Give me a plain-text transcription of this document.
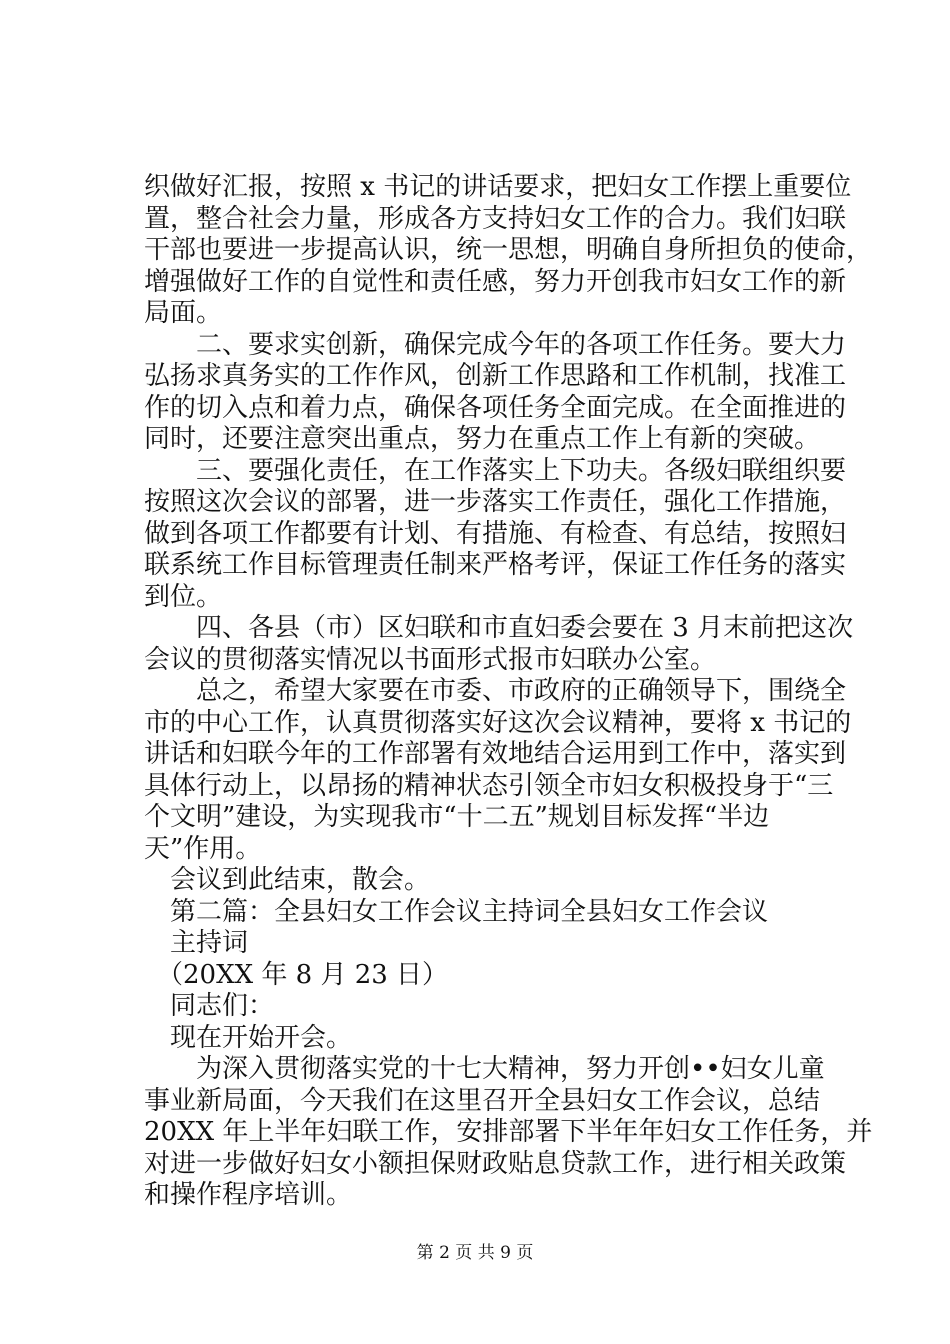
织做好汇报，按照 x 书记的讲话要求，把妇女工作摆上重要位
置，整合社会力量，形成各方支持妇女工作的合力。我们妇联
干部也要进一步提高认识，统一思想，明确自身所担负的使命，
增强做好工作的自觉性和责任感，努力开创我市妇女工作的新
局面。
　　二、要求实创新，确保完成今年的各项工作任务。要大力
弘扬求真务实的工作作风，创新工作思路和工作机制，找准工
作的切入点和着力点，确保各项任务全面完成。在全面推进的
同时，还要注意突出重点，努力在重点工作上有新的突破。
　　三、要强化责任，在工作落实上下功夫。各级妇联组织要
按照这次会议的部署，进一步落实工作责任，强化工作措施，
做到各项工作都要有计划、有措施、有检查、有总结，按照妇
联系统工作目标管理责任制来严格考评，保证工作任务的落实
到位。
　　四、各县（市）区妇联和市直妇委会要在 3 月末前把这次
会议的贯彻落实情况以书面形式报市妇联办公室。
　　总之，希望大家要在市委、市政府的正确领导下，围绕全
市的中心工作，认真贯彻落实好这次会议精神，要将 x 书记的
讲话和妇联今年的工作部署有效地结合运用到工作中，落实到
具体行动上，以昂扬的精神状态引领全市妇女积极投身于“三
个文明”建设，为实现我市“十二五”规划目标发挥“半边
天”作用。
　会议到此结束，散会。
　第二篇：全县妇女工作会议主持词全县妇女工作会议
　主持词
　（20XX 年 8 月 23 日）
　同志们：
　现在开始开会。
　　为深入贯彻落实党的十七大精神，努力开创••妇女儿童
事业新局面，今天我们在这里召开全县妇女工作会议，总结
20XX 年上半年妇联工作，安排部署下半年年妇女工作任务，并
对进一步做好妇女小额担保财政贴息贷款工作，进行相关政策
和操作程序培训。
第 2 页 共 9 页
